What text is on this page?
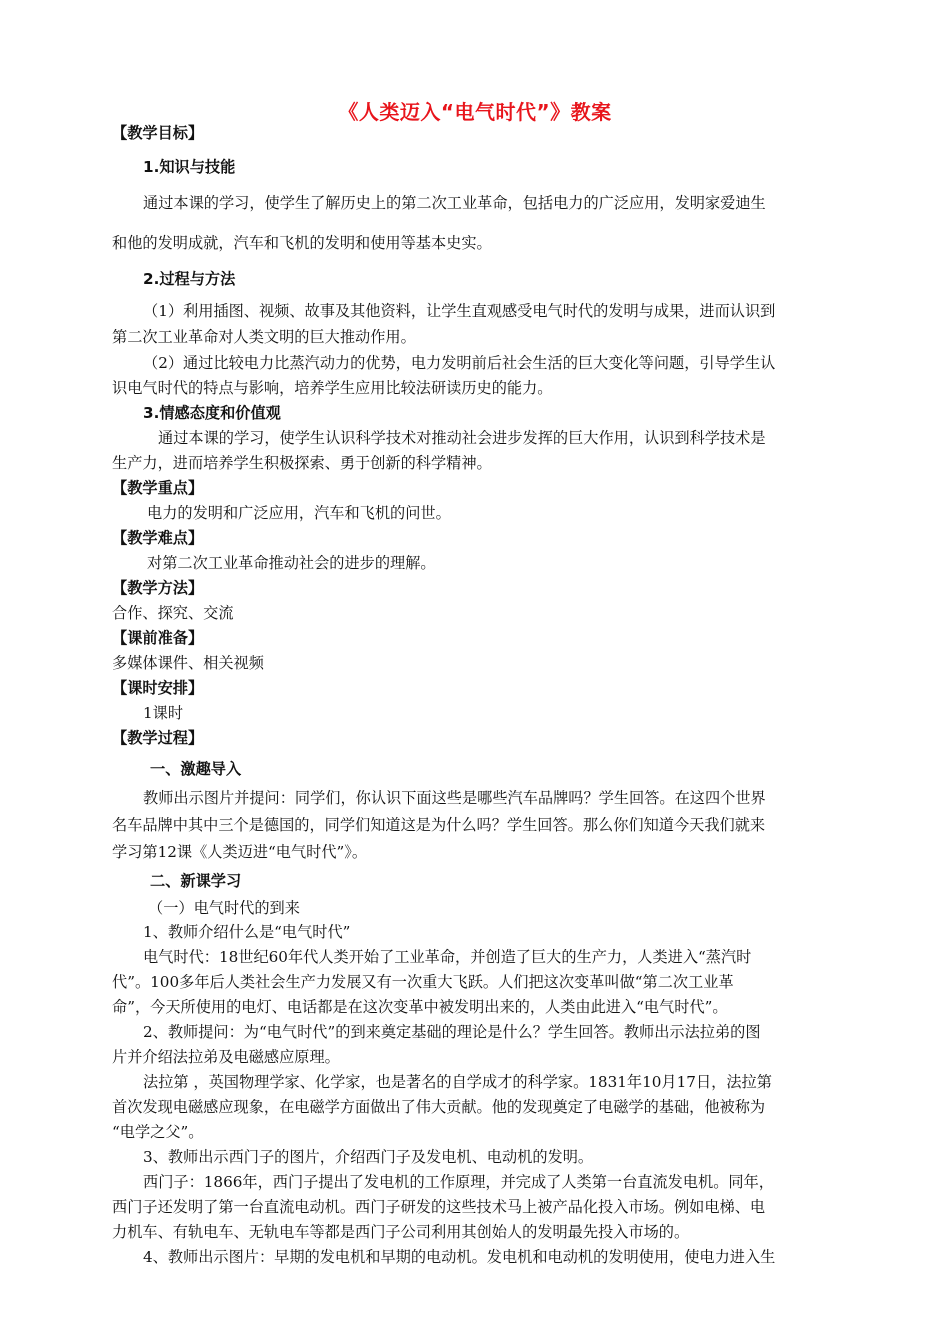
《人类迈入“电气时代”》教案
【教学目标】
1.知识与技能
通过本课的学习，使学生了解历史上的第二次工业革命，包括电力的广泛应用，发明家爱迪生
和他的发明成就，汽车和飞机的发明和使用等基本史实。
2.过程与方法
（1）利用插图、视频、故事及其他资料，让学生直观感受电气时代的发明与成果，进而认识到
第二次工业革命对人类文明的巨大推动作用。
（2）通过比较电力比蒸汽动力的优势，电力发明前后社会生活的巨大变化等问题，引导学生认
识电气时代的特点与影响，培养学生应用比较法研读历史的能力。
3.情感态度和价值观
通过本课的学习，使学生认识科学技术对推动社会进步发挥的巨大作用，认识到科学技术是
生产力，进而培养学生积极探索、勇于创新的科学精神。
【教学重点】
电力的发明和广泛应用，汽车和飞机的问世。
【教学难点】
对第二次工业革命推动社会的进步的理解。
【教学方法】
合作、探究、交流
【课前准备】
多媒体课件、相关视频
【课时安排】
1课时
【教学过程】
一、激趣导入
教师出示图片并提问：同学们，你认识下面这些是哪些汽车品牌吗？学生回答。在这四个世界
名车品牌中其中三个是德国的，同学们知道这是为什么吗？学生回答。那么你们知道今天我们就来
学习第12课《人类迈进“电气时代”》。
二、新课学习
（一）电气时代的到来
1、教师介绍什么是“电气时代”
电气时代：18世纪60年代人类开始了工业革命，并创造了巨大的生产力，人类进入“蒸汽时
代”。100多年后人类社会生产力发展又有一次重大飞跃。人们把这次变革叫做“第二次工业革
命”，今天所使用的电灯、电话都是在这次变革中被发明出来的，人类由此进入“电气时代”。
2、教师提问：为“电气时代”的到来奠定基础的理论是什么？学生回答。教师出示法拉弟的图
片并介绍法拉弟及电磁感应原理。
法拉第 ，英国物理学家、化学家，也是著名的自学成才的科学家。1831年10月17日，法拉第
首次发现电磁感应现象，在电磁学方面做出了伟大贡献。他的发现奠定了电磁学的基础，他被称为
“电学之父”。
3、教师出示西门子的图片，介绍西门子及发电机、电动机的发明。
西门子：1866年，西门子提出了发电机的工作原理，并完成了人类第一台直流发电机。同年，
西门子还发明了第一台直流电动机。西门子研发的这些技术马上被产品化投入市场。例如电梯、电
力机车、有轨电车、无轨电车等都是西门子公司利用其创始人的发明最先投入市场的。
4、教师出示图片：早期的发电机和早期的电动机。发电机和电动机的发明使用，使电力进入生
